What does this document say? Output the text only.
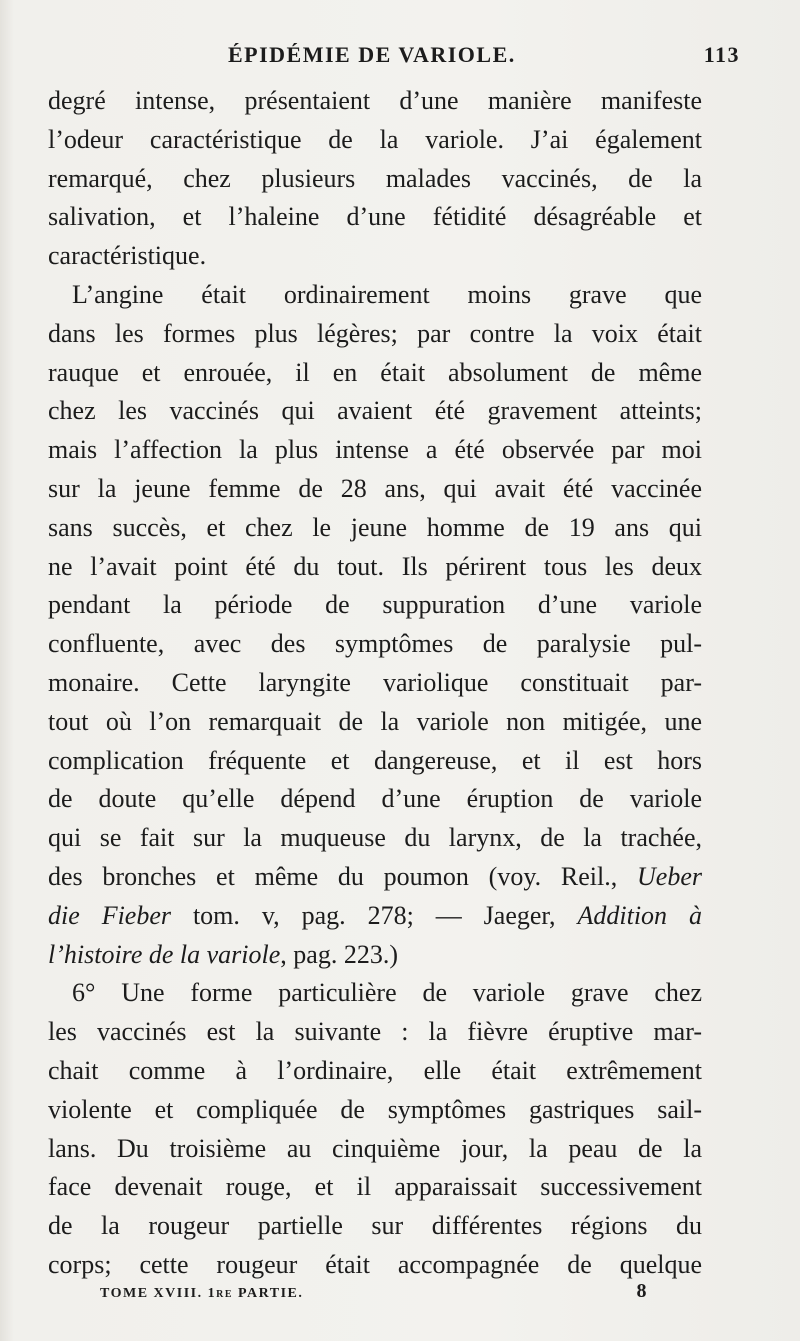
ÉPIDÉMIE DE VARIOLE.	113
degré intense, présentaient d’une manière manifeste
l’odeur caractéristique de la variole. J’ai également
remarqué, chez plusieurs malades vaccinés, de la
salivation, et l’haleine d’une fétidité désagréable et
caractéristique.
L’angine était ordinairement moins grave que
dans les formes plus légères; par contre la voix était
rauque et enrouée, il en était absolument de même
chez les vaccinés qui avaient été gravement atteints;
mais l’affection la plus intense a été observée par moi
sur la jeune femme de 28 ans, qui avait été vaccinée
sans succès, et chez le jeune homme de 19 ans qui
ne l’avait point été du tout. Ils périrent tous les deux
pendant la période de suppuration d’une variole
confluente, avec des symptômes de paralysie pul-
monaire. Cette laryngite variolique constituait par-
tout où l’on remarquait de la variole non mitigée, une
complication fréquente et dangereuse, et il est hors
de doute qu’elle dépend d’une éruption de variole
qui se fait sur la muqueuse du larynx, de la trachée,
des bronches et même du poumon (voy. Reil., Ueber
die Fieber tom. v, pag. 278; — Jaeger, Addition à
l’histoire de la variole, pag. 223.)
6° Une forme particulière de variole grave chez
les vaccinés est la suivante : la fièvre éruptive mar-
chait comme à l’ordinaire, elle était extrêmement
violente et compliquée de symptômes gastriques sail-
lans. Du troisième au cinquième jour, la peau de la
face devenait rouge, et il apparaissait successivement
de la rougeur partielle sur différentes régions du
corps; cette rougeur était accompagnée de quelque
TOME XVIII. 1re PARTIE.	8
